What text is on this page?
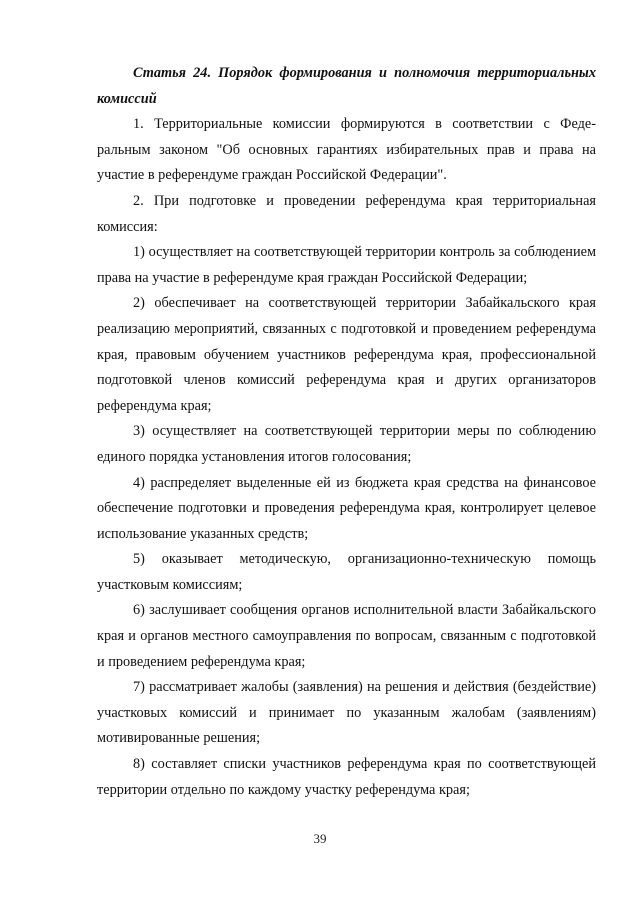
Статья 24. Порядок формирования и полномочия территориальных комиссий

1. Территориальные комиссии формируются в соответствии с Федеральным законом "Об основных гарантиях избирательных прав и права на участие в референдуме граждан Российской Федерации".

2. При подготовке и проведении референдума края территориальная комиссия:

1) осуществляет на соответствующей территории контроль за соблюдением права на участие в референдуме края граждан Российской Федерации;

2) обеспечивает на соответствующей территории Забайкальского края реализацию мероприятий, связанных с подготовкой и проведением референдума края, правовым обучением участников референдума края, профессиональной подготовкой членов комиссий референдума края и других организаторов референдума края;

3) осуществляет на соответствующей территории меры по соблюдению единого порядка установления итогов голосования;

4) распределяет выделенные ей из бюджета края средства на финансовое обеспечение подготовки и проведения референдума края, контролирует целевое использование указанных средств;

5) оказывает методическую, организационно-техническую помощь участковым комиссиям;

6) заслушивает сообщения органов исполнительной власти Забайкальского края и органов местного самоуправления по вопросам, связанным с подготовкой и проведением референдума края;

7) рассматривает жалобы (заявления) на решения и действия (бездействие) участковых комиссий и принимает по указанным жалобам (заявлениям) мотивированные решения;

8) составляет списки участников референдума края по соответствующей территории отдельно по каждому участку референдума края;

39
